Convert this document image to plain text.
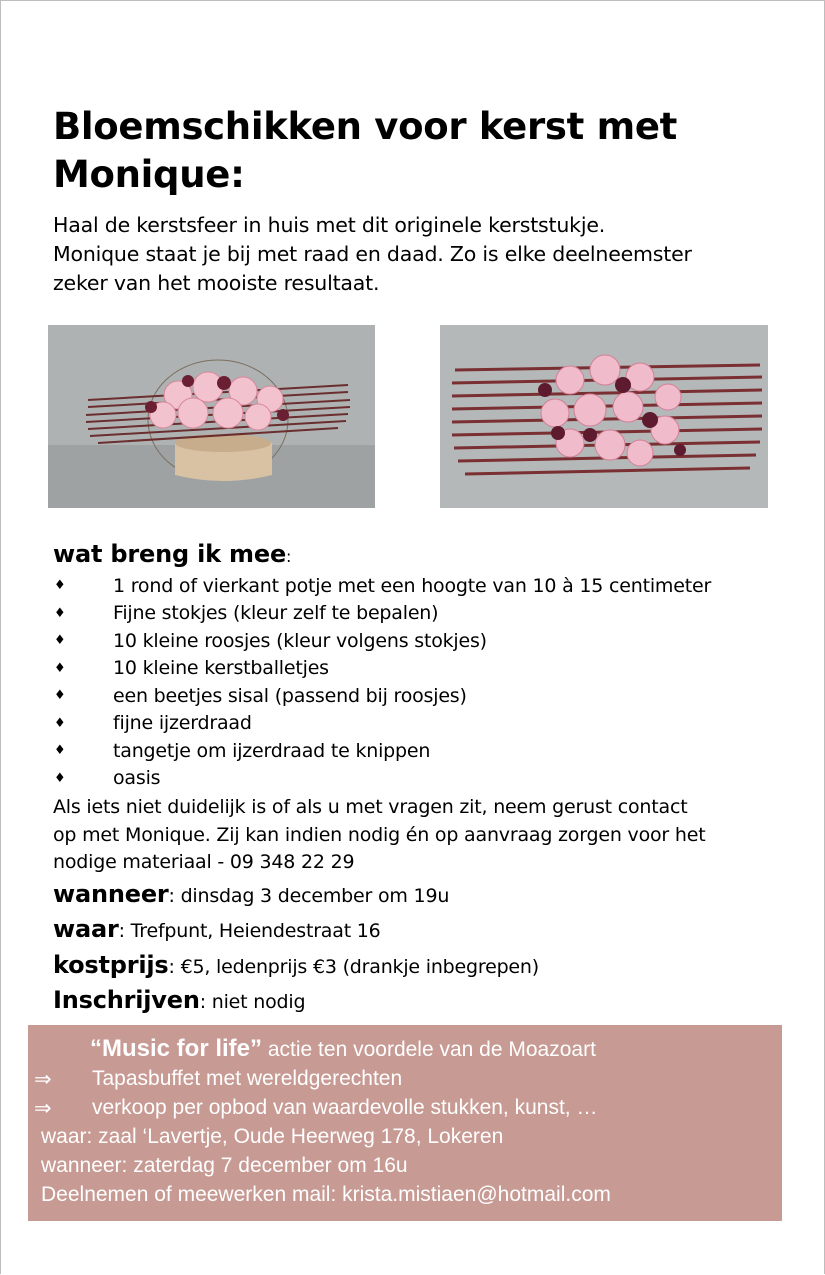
Bloemschikken voor kerst met Monique:
Haal de kerstsfeer in huis met dit originele kerststukje.
Monique staat je bij met raad en daad. Zo is elke deelneemster
zeker van het mooiste resultaat.
wat breng ik mee:
♦	1 rond of vierkant potje met een hoogte van 10 à 15 centimeter
♦	Fijne stokjes (kleur zelf te bepalen)
♦	10 kleine roosjes (kleur volgens stokjes)
♦	10 kleine kerstballetjes
♦	een beetjes sisal (passend bij roosjes)
♦	fijne ijzerdraad
♦	tangetje om ijzerdraad te knippen
♦	oasis
Als iets niet duidelijk is of als u met vragen zit, neem gerust contact
op met Monique. Zij kan indien nodig én op aanvraag zorgen voor het
nodige materiaal - 09 348 22 29
wanneer: dinsdag 3 december om 19u
waar: Trefpunt, Heiendestraat 16
kostprijs: €5, ledenprijs €3 (drankje inbegrepen)
Inschrijven: niet nodig
“Music for life” actie ten voordele van de Moazoart
⇒	Tapasbuffet met wereldgerechten
⇒	verkoop per opbod van waardevolle stukken, kunst, …
waar: zaal ‘Lavertje, Oude Heerweg 178, Lokeren
wanneer: zaterdag 7 december om 16u
Deelnemen of meewerken mail: krista.mistiaen@hotmail.com
